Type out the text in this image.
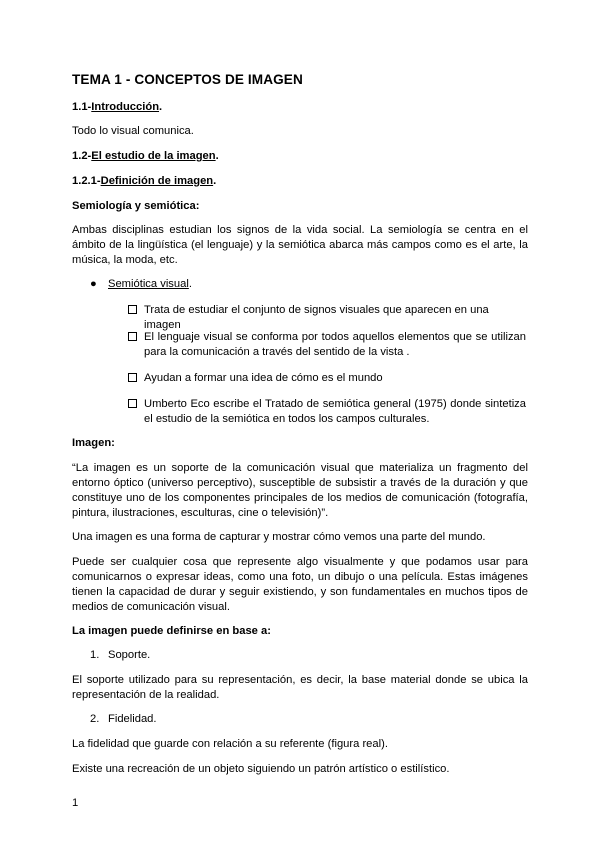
TEMA 1 - CONCEPTOS DE IMAGEN
1.1-Introducción.
Todo lo visual comunica.
1.2-El estudio de la imagen.
1.2.1-Definición de imagen.
Semiología y semiótica:
Ambas disciplinas estudian los signos de la vida social. La semiología se centra en el ámbito de la lingüística (el lenguaje) y la semiótica abarca más campos como es el arte, la música, la moda, etc.
● Semiótica visual.
Trata de estudiar el conjunto de signos visuales que aparecen en una imagen
El lenguaje visual se conforma por todos aquellos elementos que se utilizan para la comunicación a través del sentido de la vista .
Ayudan a formar una idea de cómo es el mundo
Umberto Eco escribe el Tratado de semiótica general (1975) donde sintetiza el estudio de la semiótica en todos los campos culturales.
Imagen:
“La imagen es un soporte de la comunicación visual que materializa un fragmento del entorno óptico (universo perceptivo), susceptible de subsistir a través de la duración y que constituye uno de los componentes principales de los medios de comunicación (fotografía, pintura, ilustraciones, esculturas, cine o televisión)”.
Una imagen es una forma de capturar y mostrar cómo vemos una parte del mundo.
Puede ser cualquier cosa que represente algo visualmente y que podamos usar para comunicarnos o expresar ideas, como una foto, un dibujo o una película. Estas imágenes tienen la capacidad de durar y seguir existiendo, y son fundamentales en muchos tipos de medios de comunicación visual.
La imagen puede definirse en base a:
1. Soporte.
El soporte utilizado para su representación, es decir, la base material donde se ubica la representación de la realidad.
2. Fidelidad.
La fidelidad que guarde con relación a su referente (figura real).
Existe una recreación de un objeto siguiendo un patrón artístico o estilístico.
1
